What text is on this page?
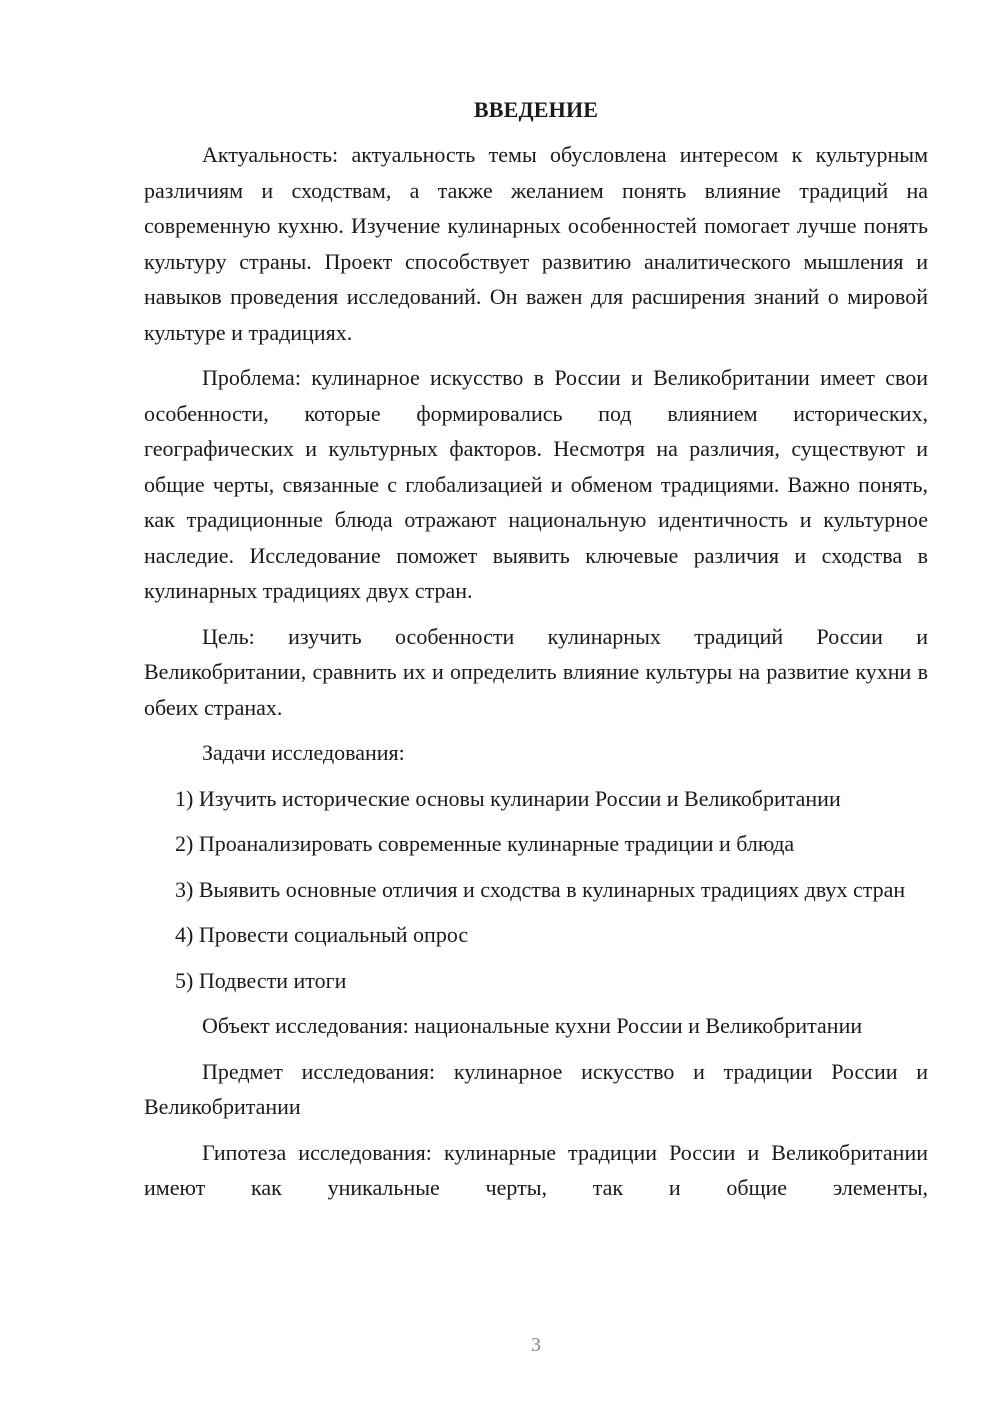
ВВЕДЕНИЕ

Актуальность: актуальность темы обусловлена интересом к культурным различиям и сходствам, а также желанием понять влияние традиций на современную кухню. Изучение кулинарных особенностей помогает лучше понять культуру страны. Проект способствует развитию аналитического мышления и навыков проведения исследований. Он важен для расширения знаний о мировой культуре и традициях.

Проблема: кулинарное искусство в России и Великобритании имеет свои особенности, которые формировались под влиянием исторических, географических и культурных факторов. Несмотря на различия, существуют и общие черты, связанные с глобализацией и обменом традициями. Важно понять, как традиционные блюда отражают национальную идентичность и культурное наследие. Исследование поможет выявить ключевые различия и сходства в кулинарных традициях двух стран.

Цель: изучить особенности кулинарных традиций России и Великобритании, сравнить их и определить влияние культуры на развитие кухни в обеих странах.

Задачи исследования:

1) Изучить исторические основы кулинарии России и Великобритании

2) Проанализировать современные кулинарные традиции и блюда

3) Выявить основные отличия и сходства в кулинарных традициях двух стран

4) Провести социальный опрос

5) Подвести итоги

Объект исследования: национальные кухни России и Великобритании

Предмет исследования: кулинарное искусство и традиции России и Великобритании

Гипотеза исследования: кулинарные традиции России и Великобритании имеют как уникальные черты, так и общие элементы,

3
